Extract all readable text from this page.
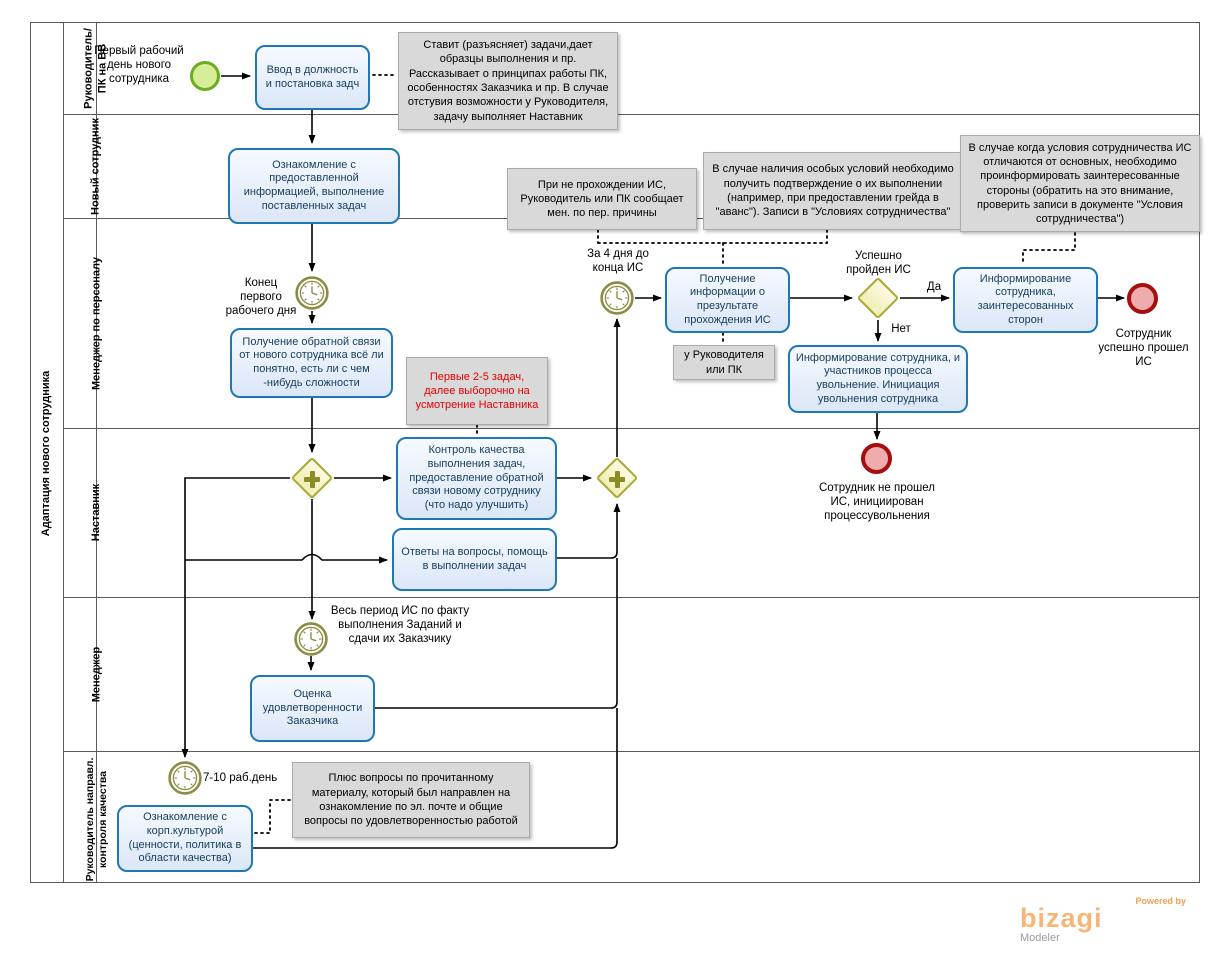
Адаптация нового сотрудника
Руководитель/ ПК на ВВ
Новый сотрудник
Менеджер по персоналу
Наставник
Менеджер
Руководитель направл. контроля качества
Первый рабочий день нового сотрудника
Ввод в должность и постановка задч
Ставит (разъясняет) задачи,дает образцы выполнения и пр. Рассказывает о принципах работы ПК, особенностях Заказчика и пр. В случае отстувия возможности у Руководителя, задачу выполняет Наставник
Ознакомление с предоставленной информацией, выполнение поставленных задач
Конец первого рабочего дня
Получение обратной связи от нового сотрудника всё ли понятно, есть ли с чем -нибудь сложности
Первые 2-5 задач, далее выборочно на усмотрение Наставника
При не прохождении ИС, Руководитель или ПК сообщает мен. по пер. причины
В случае наличия особых условий необходимо получить подтверждение о их выполнении (например, при предоставлении грейда в "аванс"). Записи в "Условиях сотрудничества"
В случае когда условия сотрудничества ИС отличаются от основных, необходимо проинформировать заинтересованные стороны (обратить на это внимание, проверить записи в документе "Условия сотрудничества")
За 4 дня до конца ИС
Получение информации о презультате прохождения ИС
у Руководителя или ПК
Успешно пройден ИС
Да
Нет
Информирование сотрудника, заинтересованных сторон
Сотрудник успешно прошел ИС
Информирование сотрудника, и участников процесса увольнение. Инициация увольнения сотрудника
Контроль качества выполнения задач, предоставление обратной связи новому сотруднику (что надо улучшить)
Ответы на вопросы, помощь в выполнении задач
Сотрудник не прошел ИС, инициирован процессувольнения
Весь период ИС по факту выполнения Заданий и сдачи их Заказчику
Оценка удовлетворенности Заказчика
7-10 раб.день
Ознакомление с корп.культурой (ценности, политика в области качества)
Плюс вопросы по прочитанному материалу, который был направлен на ознакомление по эл. почте и общие вопросы по удовлетворенностью работой
Powered by
bizagi
Modeler
